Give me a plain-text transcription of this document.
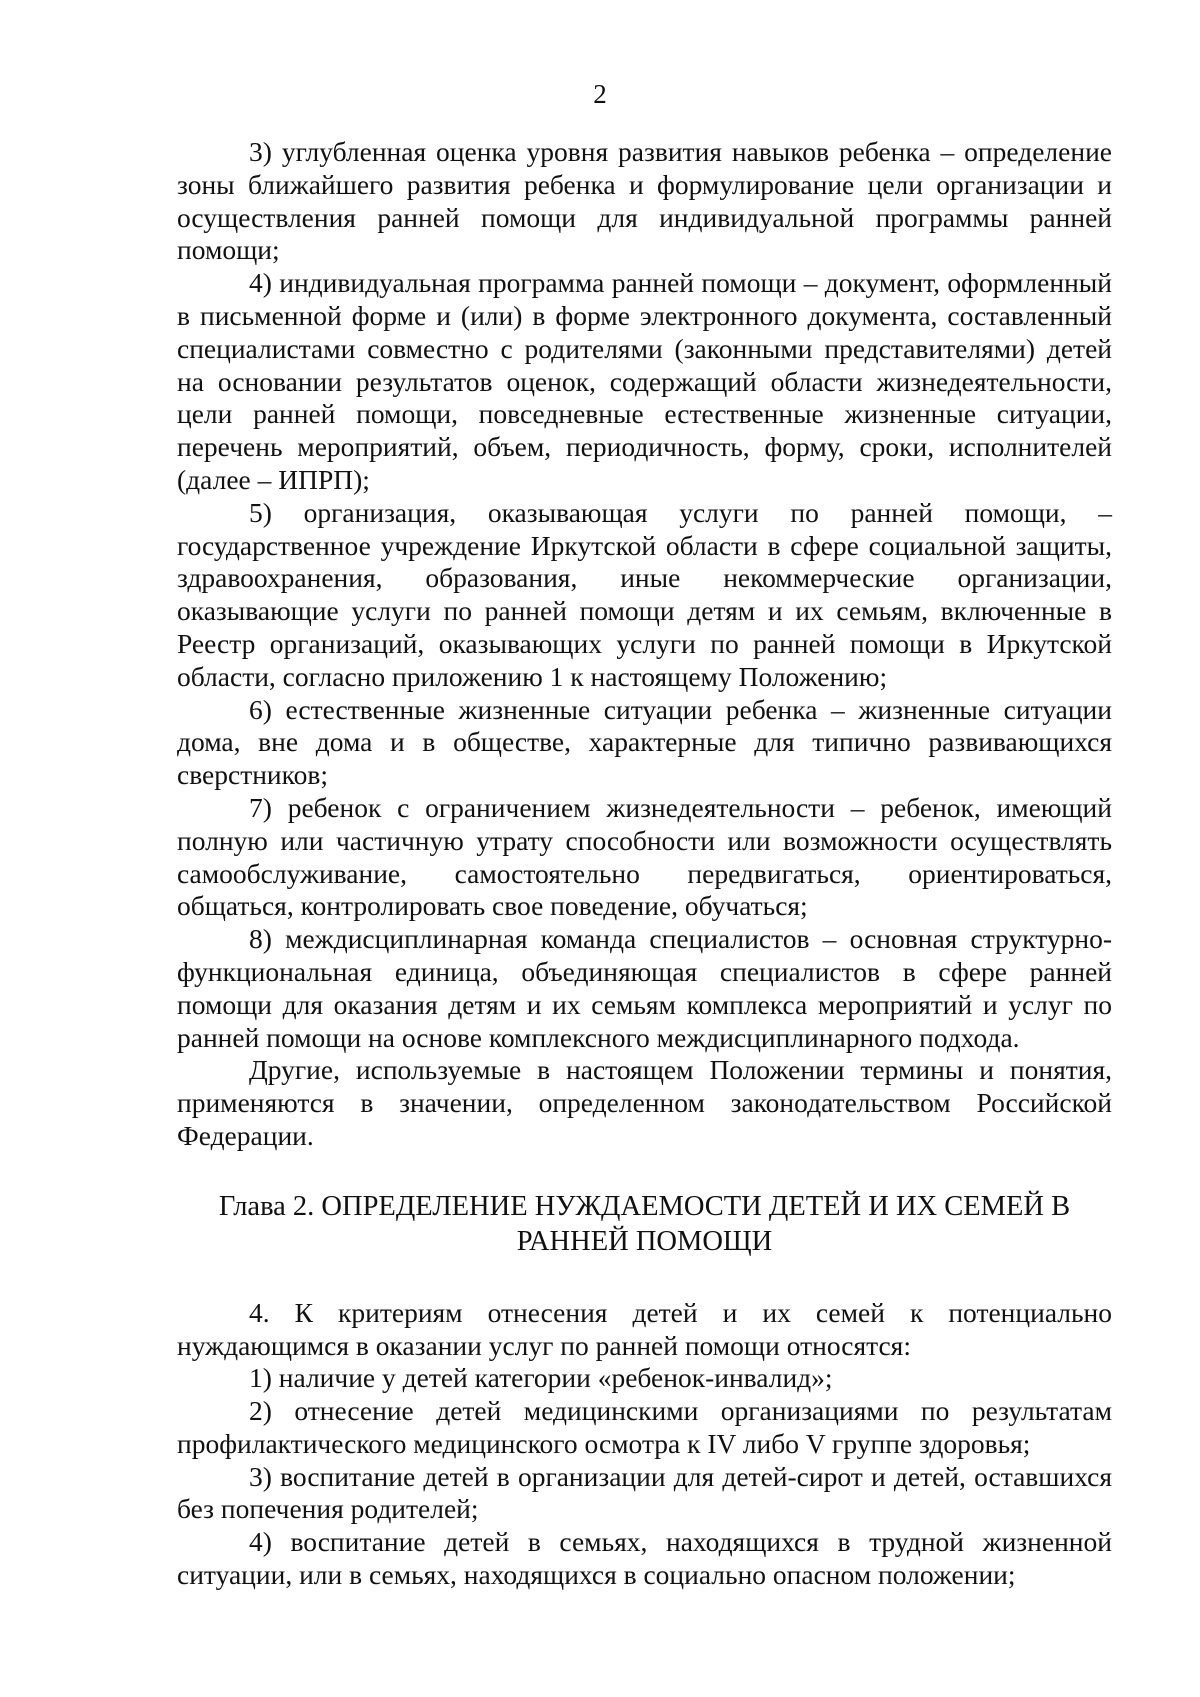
2

3) углубленная оценка уровня развития навыков ребенка – определение зоны ближайшего развития ребенка и формулирование цели организации и осуществления ранней помощи для индивидуальной программы ранней помощи;

4) индивидуальная программа ранней помощи – документ, оформленный в письменной форме и (или) в форме электронного документа, составленный специалистами совместно с родителями (законными представителями) детей на основании результатов оценок, содержащий области жизнедеятельности, цели ранней помощи, повседневные естественные жизненные ситуации, перечень мероприятий, объем, периодичность, форму, сроки, исполнителей (далее – ИПРП);

5) организация, оказывающая услуги по ранней помощи, – государственное учреждение Иркутской области в сфере социальной защиты, здравоохранения, образования, иные некоммерческие организации, оказывающие услуги по ранней помощи детям и их семьям, включенные в Реестр организаций, оказывающих услуги по ранней помощи в Иркутской области, согласно приложению 1 к настоящему Положению;

6) естественные жизненные ситуации ребенка – жизненные ситуации дома, вне дома и в обществе, характерные для типично развивающихся сверстников;

7) ребенок с ограничением жизнедеятельности – ребенок, имеющий полную или частичную утрату способности или возможности осуществлять самообслуживание, самостоятельно передвигаться, ориентироваться, общаться, контролировать свое поведение, обучаться;

8) междисциплинарная команда специалистов – основная структурно-функциональная единица, объединяющая специалистов в сфере ранней помощи для оказания детям и их семьям комплекса мероприятий и услуг по ранней помощи на основе комплексного междисциплинарного подхода.

Другие, используемые в настоящем Положении термины и понятия, применяются в значении, определенном законодательством Российской Федерации.

Глава 2. ОПРЕДЕЛЕНИЕ НУЖДАЕМОСТИ ДЕТЕЙ И ИХ СЕМЕЙ В
РАННЕЙ ПОМОЩИ

4. К критериям отнесения детей и их семей к потенциально нуждающимся в оказании услуг по ранней помощи относятся:

1) наличие у детей категории «ребенок-инвалид»;

2) отнесение детей медицинскими организациями по результатам профилактического медицинского осмотра к IV либо V группе здоровья;

3) воспитание детей в организации для детей-сирот и детей, оставшихся без попечения родителей;

4) воспитание детей в семьях, находящихся в трудной жизненной ситуации, или в семьях, находящихся в социально опасном положении;
